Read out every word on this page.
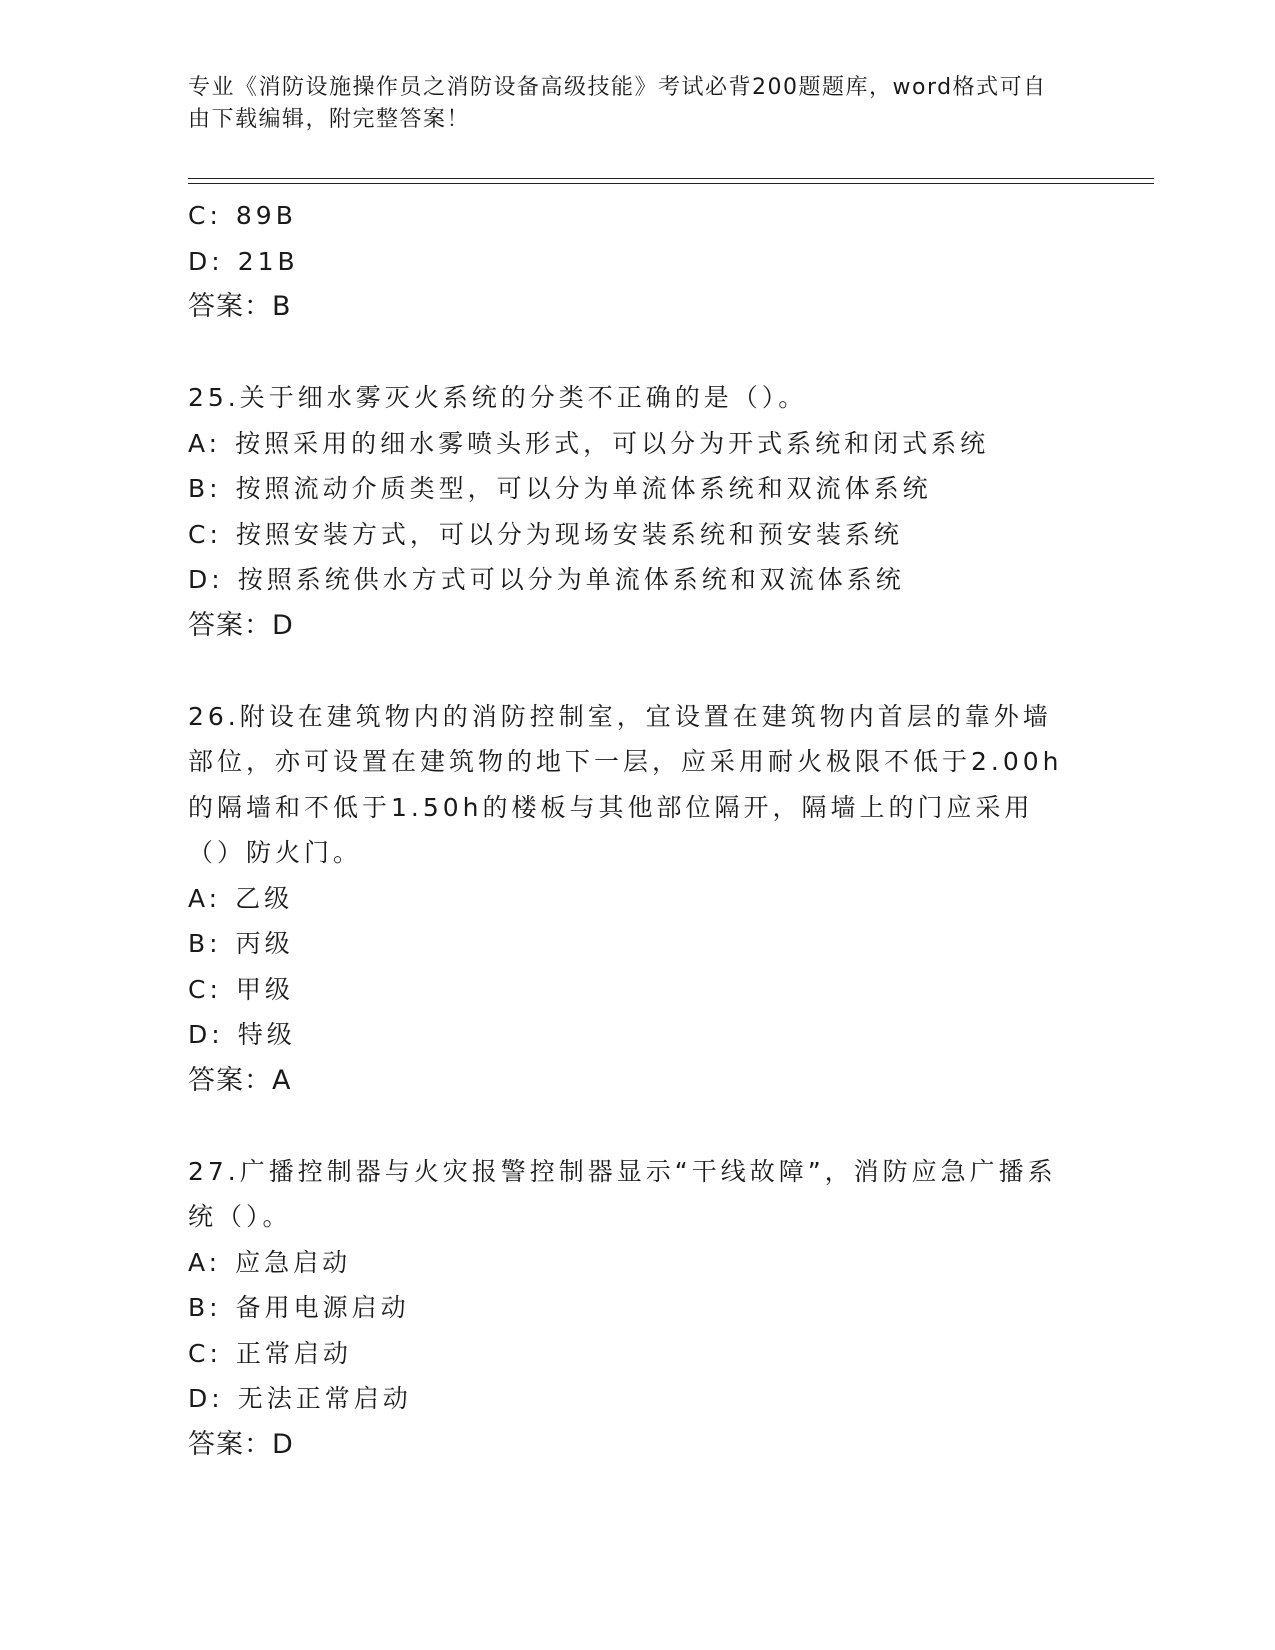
专业《消防设施操作员之消防设备高级技能》考试必背200题题库，word格式可自由下载编辑，附完整答案！
C: 89B
D: 21B
答案：B
25.关于细水雾灭火系统的分类不正确的是（）。
A: 按照采用的细水雾喷头形式，可以分为开式系统和闭式系统
B: 按照流动介质类型，可以分为单流体系统和双流体系统
C: 按照安装方式，可以分为现场安装系统和预安装系统
D: 按照系统供水方式可以分为单流体系统和双流体系统
答案：D
26.附设在建筑物内的消防控制室，宜设置在建筑物内首层的靠外墙部位，亦可设置在建筑物的地下一层，应采用耐火极限不低于2.00h的隔墙和不低于1.50h的楼板与其他部位隔开，隔墙上的门应采用（）防火门。
A: 乙级
B: 丙级
C: 甲级
D: 特级
答案：A
27.广播控制器与火灾报警控制器显示“干线故障”，消防应急广播系统（）。
A: 应急启动
B: 备用电源启动
C: 正常启动
D: 无法正常启动
答案：D
